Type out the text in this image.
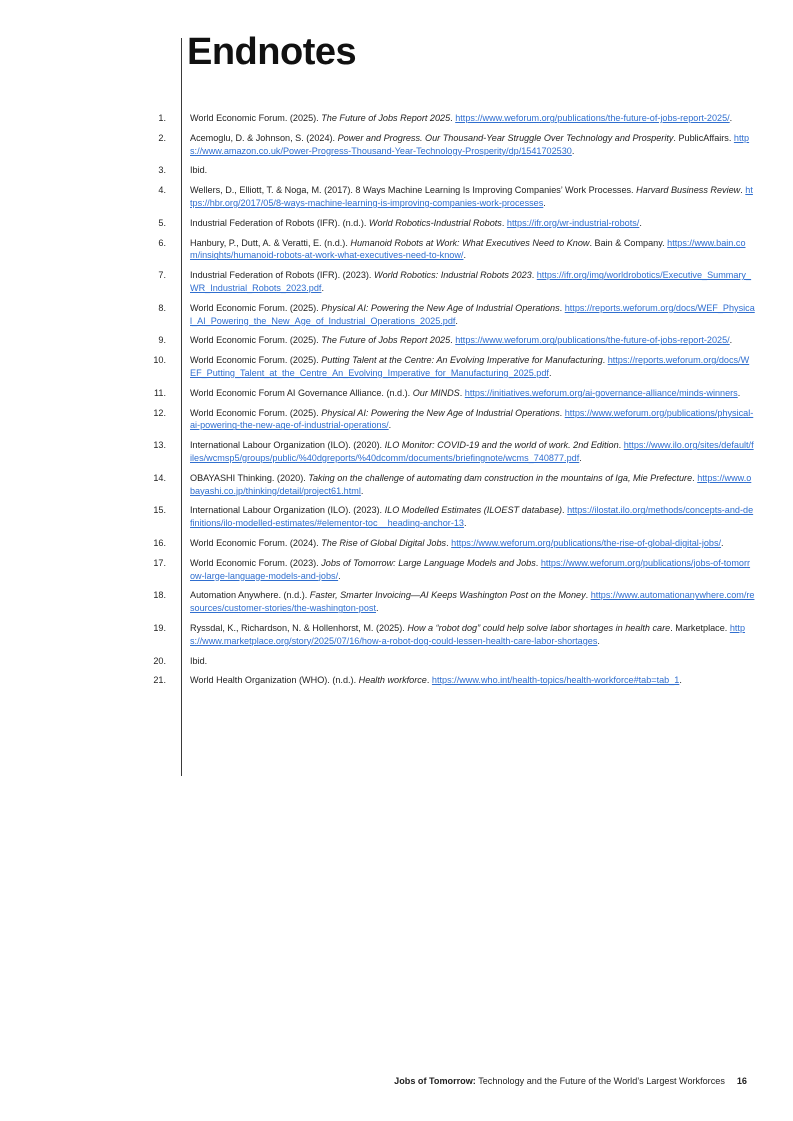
Endnotes
1.	World Economic Forum. (2025). The Future of Jobs Report 2025. https://www.weforum.org/publications/the-future-of-jobs-report-2025/.
2.	Acemoglu, D. & Johnson, S. (2024). Power and Progress. Our Thousand-Year Struggle Over Technology and Prosperity. PublicAffairs. https://www.amazon.co.uk/Power-Progress-Thousand-Year-Technology-Prosperity/dp/1541702530.
3.	Ibid.
4.	Wellers, D., Elliott, T. & Noga, M. (2017). 8 Ways Machine Learning Is Improving Companies’ Work Processes. Harvard Business Review. https://hbr.org/2017/05/8-ways-machine-learning-is-improving-companies-work-processes.
5.	Industrial Federation of Robots (IFR). (n.d.). World Robotics-Industrial Robots. https://ifr.org/wr-industrial-robots/.
6.	Hanbury, P., Dutt, A. & Veratti, E. (n.d.). Humanoid Robots at Work: What Executives Need to Know. Bain & Company. https://www.bain.com/insights/humanoid-robots-at-work-what-executives-need-to-know/.
7.	Industrial Federation of Robots (IFR). (2023). World Robotics: Industrial Robots 2023. https://ifr.org/img/worldrobotics/Executive_Summary_WR_Industrial_Robots_2023.pdf.
8.	World Economic Forum. (2025). Physical AI: Powering the New Age of Industrial Operations. https://reports.weforum.org/docs/WEF_Physical_AI_Powering_the_New_Age_of_Industrial_Operations_2025.pdf.
9.	World Economic Forum. (2025). The Future of Jobs Report 2025. https://www.weforum.org/publications/the-future-of-jobs-report-2025/.
10.	World Economic Forum. (2025). Putting Talent at the Centre: An Evolving Imperative for Manufacturing. https://reports.weforum.org/docs/WEF_Putting_Talent_at_the_Centre_An_Evolving_Imperative_for_Manufacturing_2025.pdf.
11.	World Economic Forum AI Governance Alliance. (n.d.). Our MINDS. https://initiatives.weforum.org/ai-governance-alliance/minds-winners.
12.	World Economic Forum. (2025). Physical AI: Powering the New Age of Industrial Operations. https://www.weforum.org/publications/physical-ai-powering-the-new-age-of-industrial-operations/.
13.	International Labour Organization (ILO). (2020). ILO Monitor: COVID-19 and the world of work. 2nd Edition. https://www.ilo.org/sites/default/files/wcmsp5/groups/public/%40dgreports/%40dcomm/documents/briefingnote/wcms_740877.pdf.
14.	OBAYASHI Thinking. (2020). Taking on the challenge of automating dam construction in the mountains of Iga, Mie Prefecture. https://www.obayashi.co.jp/thinking/detail/project61.html.
15.	International Labour Organization (ILO). (2023). ILO Modelled Estimates (ILOEST database). https://ilostat.ilo.org/methods/concepts-and-definitions/ilo-modelled-estimates/#elementor-toc__heading-anchor-13.
16.	World Economic Forum. (2024). The Rise of Global Digital Jobs. https://www.weforum.org/publications/the-rise-of-global-digital-jobs/.
17.	World Economic Forum. (2023). Jobs of Tomorrow: Large Language Models and Jobs. https://www.weforum.org/publications/jobs-of-tomorrow-large-language-models-and-jobs/.
18.	Automation Anywhere. (n.d.). Faster, Smarter Invoicing—AI Keeps Washington Post on the Money. https://www.automationanywhere.com/resources/customer-stories/the-washington-post.
19.	Ryssdal, K., Richardson, N. & Hollenhorst, M. (2025). How a “robot dog” could help solve labor shortages in health care. Marketplace. https://www.marketplace.org/story/2025/07/16/how-a-robot-dog-could-lessen-health-care-labor-shortages.
20.	Ibid.
21.	World Health Organization (WHO). (n.d.). Health workforce. https://www.who.int/health-topics/health-workforce#tab=tab_1.
Jobs of Tomorrow: Technology and the Future of the World’s Largest Workforces 16
